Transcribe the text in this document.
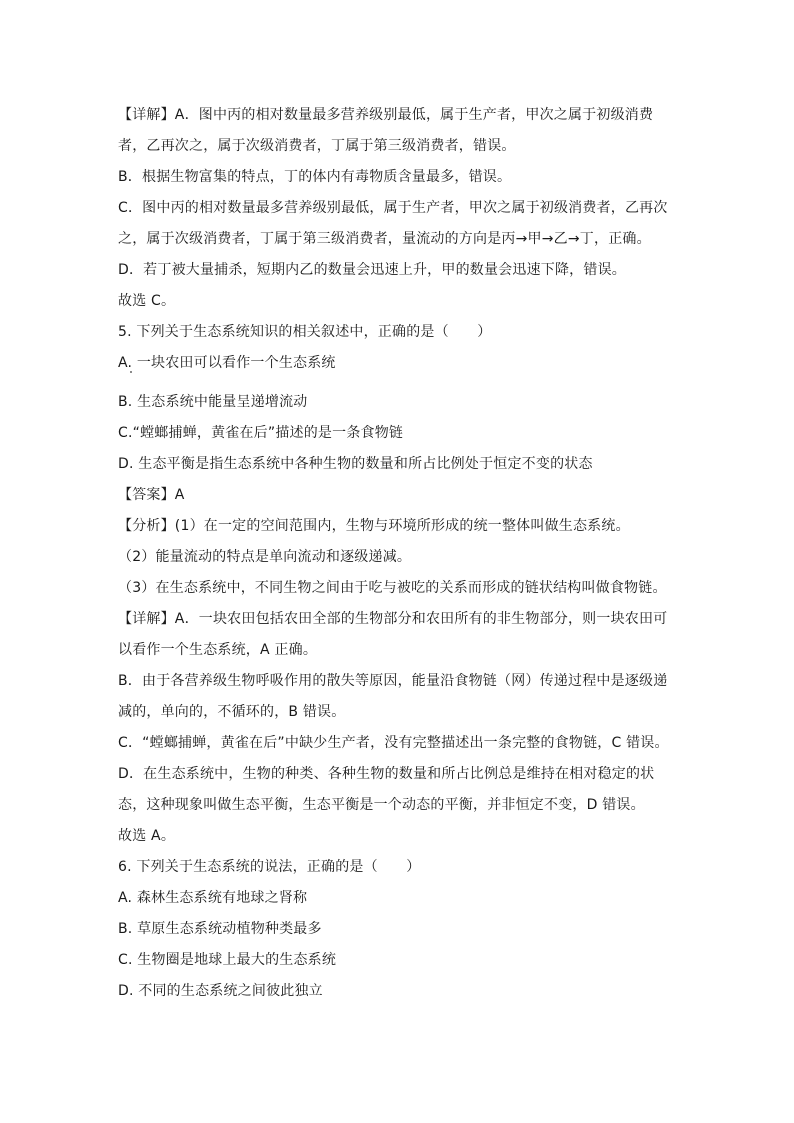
【详解】A．图中丙的相对数量最多营养级别最低，属于生产者，甲次之属于初级消费
者，乙再次之，属于次级消费者，丁属于第三级消费者，错误。
B．根据生物富集的特点，丁的体内有毒物质含量最多，错误。
C．图中丙的相对数量最多营养级别最低，属于生产者，甲次之属于初级消费者，乙再次
之，属于次级消费者，丁属于第三级消费者，量流动的方向是丙→甲→乙→丁，正确。
D．若丁被大量捕杀，短期内乙的数量会迅速上升，甲的数量会迅速下降，错误。
故选 C。
5. 下列关于生态系统知识的相关叙述中，正确的是（　　）
A. 一块农田可以看作一个生态系统
B. 生态系统中能量呈递增流动
C.“螳螂捕蝉，黄雀在后”描述的是一条食物链
D. 生态平衡是指生态系统中各种生物的数量和所占比例处于恒定不变的状态
【答案】A
【分析】(1）在一定的空间范围内，生物与环境所形成的统一整体叫做生态系统。
（2）能量流动的特点是单向流动和逐级递减。
（3）在生态系统中，不同生物之间由于吃与被吃的关系而形成的链状结构叫做食物链。
【详解】A．一块农田包括农田全部的生物部分和农田所有的非生物部分，则一块农田可
以看作一个生态系统，A 正确。
B．由于各营养级生物呼吸作用的散失等原因，能量沿食物链（网）传递过程中是逐级递
减的，单向的，不循环的，B 错误。
C．“螳螂捕蝉，黄雀在后”中缺少生产者，没有完整描述出一条完整的食物链，C 错误。
D．在生态系统中，生物的种类、各种生物的数量和所占比例总是维持在相对稳定的状
态，这种现象叫做生态平衡，生态平衡是一个动态的平衡，并非恒定不变，D 错误。
故选 A。
6. 下列关于生态系统的说法，正确的是（　　）
A. 森林生态系统有地球之肾称
B. 草原生态系统动植物种类最多
C. 生物圈是地球上最大的生态系统
D. 不同的生态系统之间彼此独立
